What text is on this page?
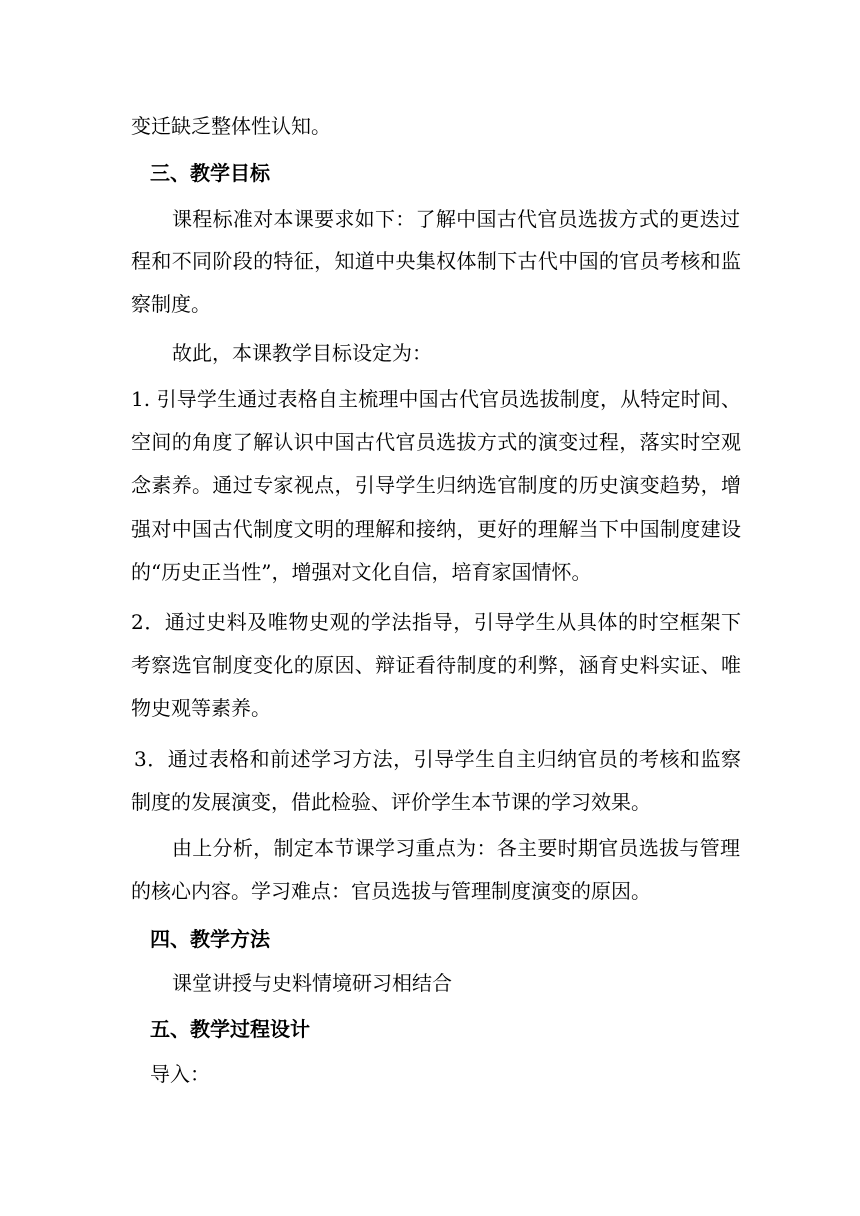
变迁缺乏整体性认知。
三、教学目标
课程标准对本课要求如下：了解中国古代官员选拔方式的更迭过
程和不同阶段的特征，知道中央集权体制下古代中国的官员考核和监
察制度。
故此，本课教学目标设定为：
1. 引导学生通过表格自主梳理中国古代官员选拔制度，从特定时间、
空间的角度了解认识中国古代官员选拔方式的演变过程，落实时空观
念素养。通过专家视点，引导学生归纳选官制度的历史演变趋势，增
强对中国古代制度文明的理解和接纳，更好的理解当下中国制度建设
的“历史正当性”，增强对文化自信，培育家国情怀。
2．通过史料及唯物史观的学法指导，引导学生从具体的时空框架下
考察选官制度变化的原因、辩证看待制度的利弊，涵育史料实证、唯
物史观等素养。
3．通过表格和前述学习方法，引导学生自主归纳官员的考核和监察
制度的发展演变，借此检验、评价学生本节课的学习效果。
由上分析，制定本节课学习重点为：各主要时期官员选拔与管理
的核心内容。学习难点：官员选拔与管理制度演变的原因。
四、教学方法
课堂讲授与史料情境研习相结合
五、教学过程设计
导入：
